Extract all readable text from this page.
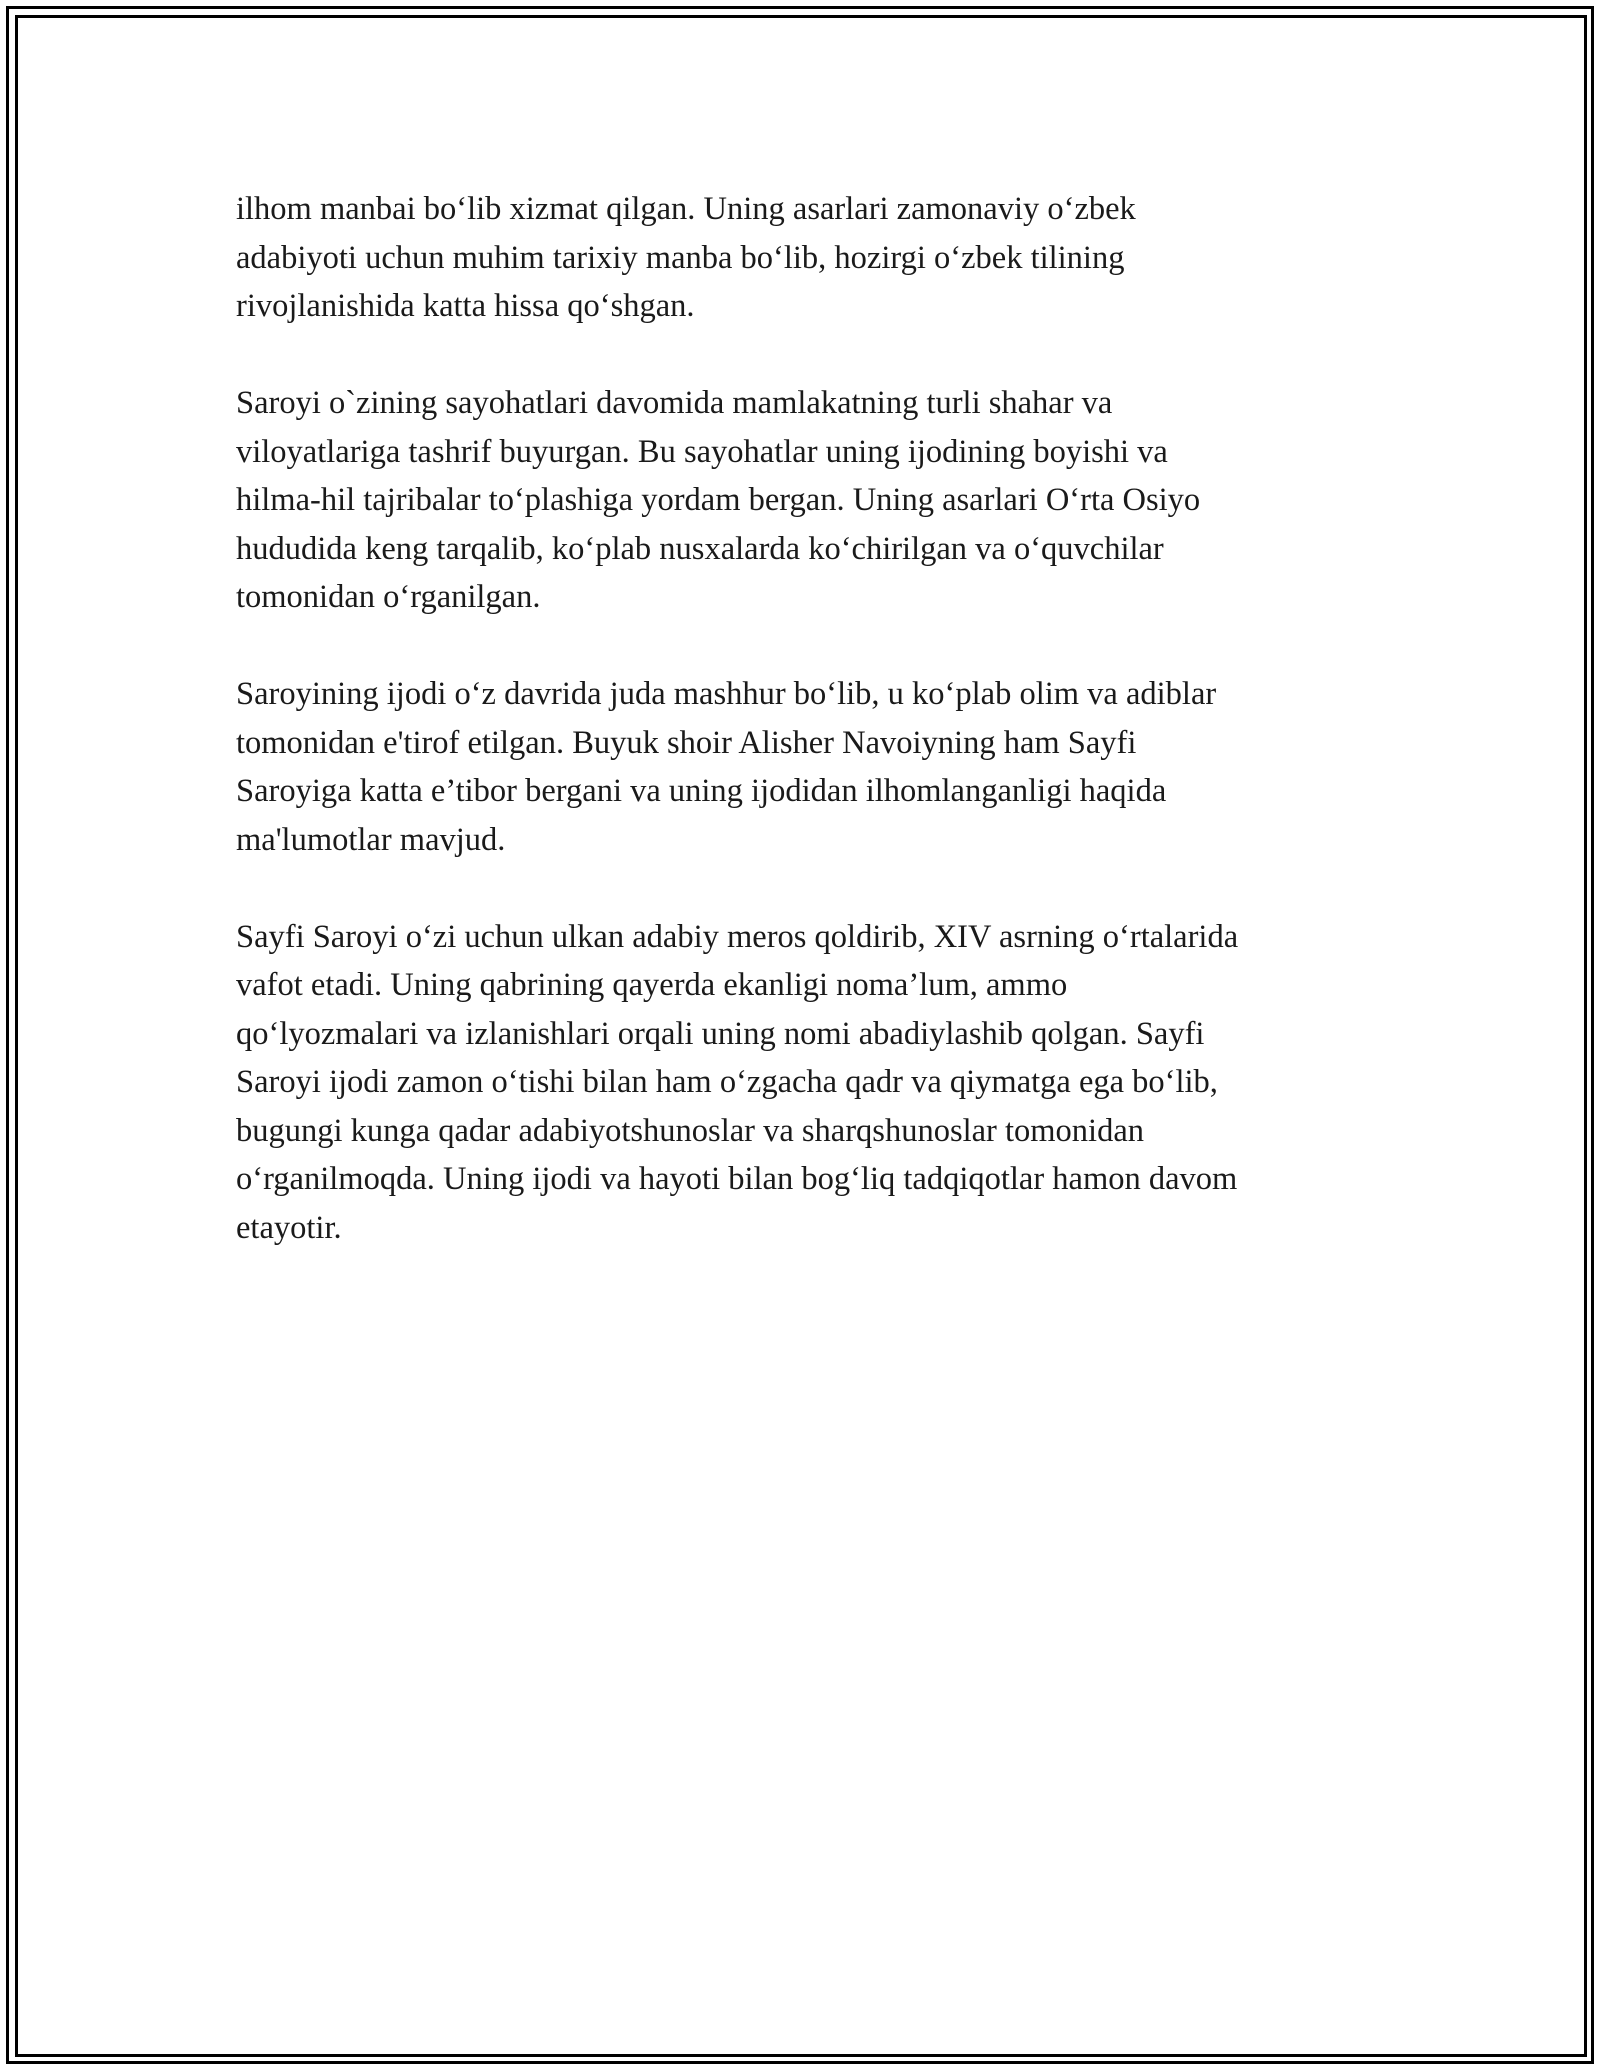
ilhom manbai bo‘lib xizmat qilgan. Uning asarlari zamonaviy o‘zbek
adabiyoti uchun muhim tarixiy manba bo‘lib, hozirgi o‘zbek tilining
rivojlanishida katta hissa qo‘shgan.
Saroyi o`zining sayohatlari davomida mamlakatning turli shahar va
viloyatlariga tashrif buyurgan. Bu sayohatlar uning ijodining boyishi va
hilma-hil tajribalar to‘plashiga yordam bergan. Uning asarlari O‘rta Osiyo
hududida keng tarqalib, ko‘plab nusxalarda ko‘chirilgan va o‘quvchilar
tomonidan o‘rganilgan.
Saroyining ijodi o‘z davrida juda mashhur bo‘lib, u ko‘plab olim va adiblar
tomonidan e'tirof etilgan. Buyuk shoir Alisher Navoiyning ham Sayfi
Saroyiga katta e’tibor bergani va uning ijodidan ilhomlanganligi haqida
ma'lumotlar mavjud.
Sayfi Saroyi o‘zi uchun ulkan adabiy meros qoldirib, XIV asrning o‘rtalarida
vafot etadi. Uning qabrining qayerda ekanligi noma’lum, ammo
qo‘lyozmalari va izlanishlari orqali uning nomi abadiylashib qolgan. Sayfi
Saroyi ijodi zamon o‘tishi bilan ham o‘zgacha qadr va qiymatga ega bo‘lib,
bugungi kunga qadar adabiyotshunoslar va sharqshunoslar tomonidan
o‘rganilmoqda. Uning ijodi va hayoti bilan bog‘liq tadqiqotlar hamon davom
etayotir.
